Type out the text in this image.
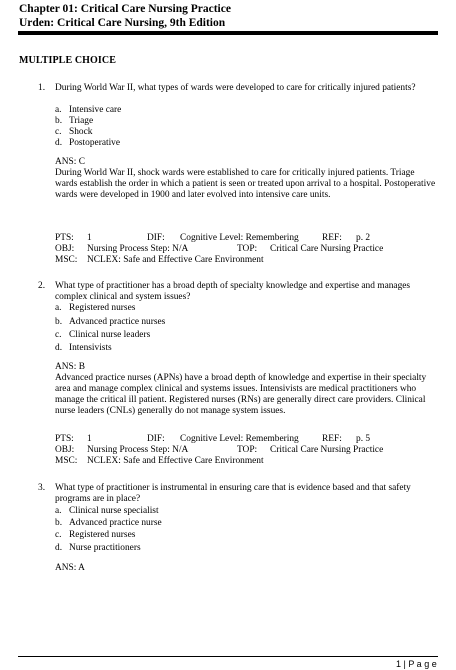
Chapter 01: Critical Care Nursing Practice
Urden: Critical Care Nursing, 9th Edition
MULTIPLE CHOICE
1.	During World War II, what types of wards were developed to care for critically injured patients?
a. Intensive care
b. Triage
c. Shock
d. Postoperative
ANS: C
During World War II, shock wards were established to care for critically injured patients. Triage wards establish the order in which a patient is seen or treated upon arrival to a hospital. Postoperative wards were developed in 1900 and later evolved into intensive care units.
PTS: 1	DIF: Cognitive Level: Remembering REF: p. 2
OBJ: Nursing Process Step: N/A	TOP: Critical Care Nursing Practice
MSC: NCLEX: Safe and Effective Care Environment
2.	What type of practitioner has a broad depth of specialty knowledge and expertise and manages complex clinical and system issues?
a. Registered nurses
b. Advanced practice nurses
c. Clinical nurse leaders
d. Intensivists
ANS: B
Advanced practice nurses (APNs) have a broad depth of knowledge and expertise in their specialty area and manage complex clinical and systems issues. Intensivists are medical practitioners who manage the critical ill patient. Registered nurses (RNs) are generally direct care providers. Clinical nurse leaders (CNLs) generally do not manage system issues.
PTS: 1	DIF: Cognitive Level: Remembering REF: p. 5
OBJ: Nursing Process Step: N/A	TOP: Critical Care Nursing Practice
MSC: NCLEX: Safe and Effective Care Environment
3.	What type of practitioner is instrumental in ensuring care that is evidence based and that safety programs are in place?
a. Clinical nurse specialist
b. Advanced practice nurse
c. Registered nurses
d. Nurse practitioners
ANS: A
1 | P a g e
